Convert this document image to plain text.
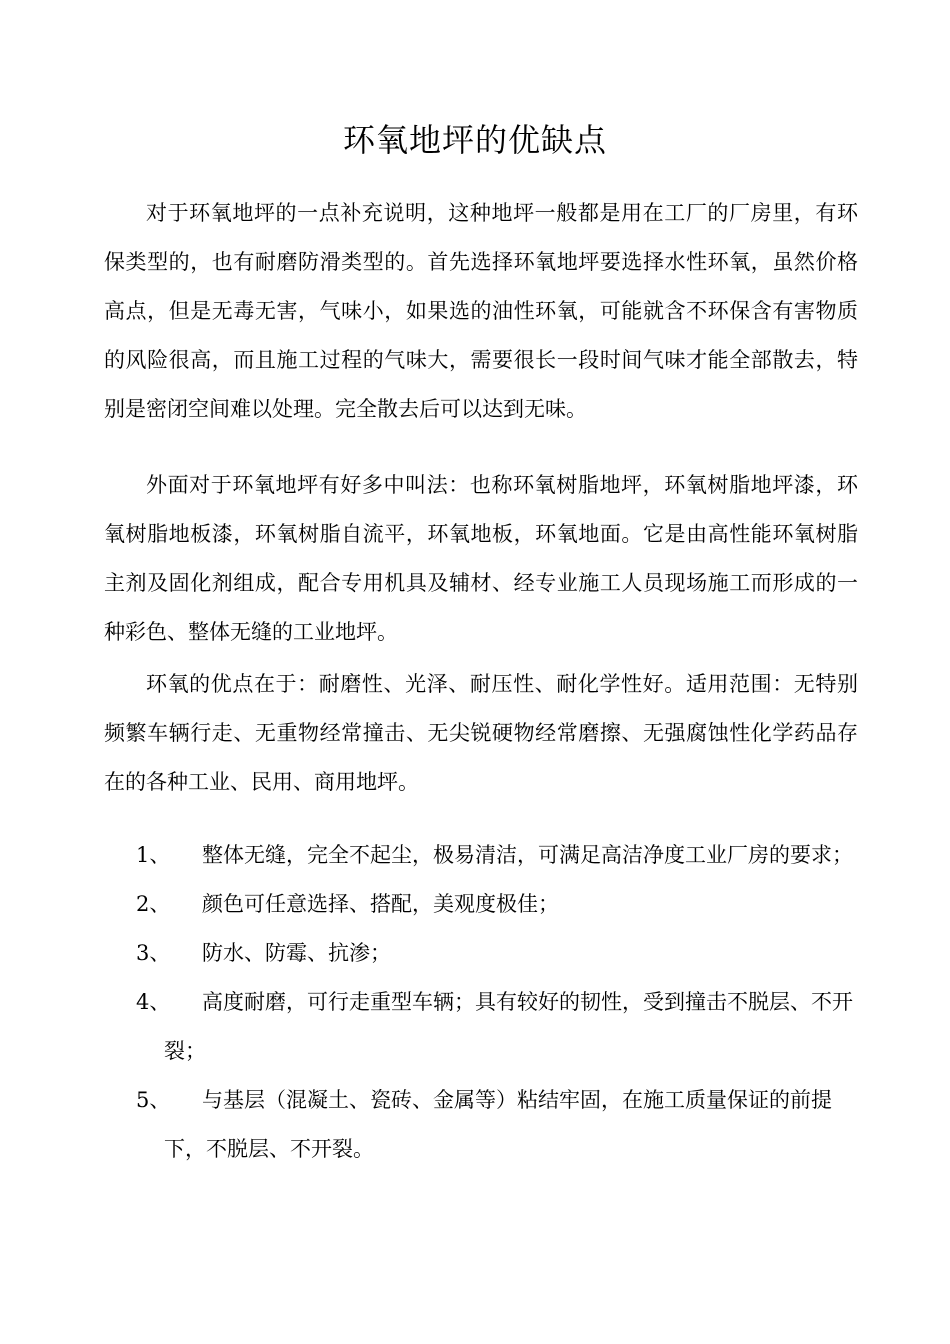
环氧地坪的优缺点

对于环氧地坪的一点补充说明，这种地坪一般都是用在工厂的厂房里，有环保类型的，也有耐磨防滑类型的。首先选择环氧地坪要选择水性环氧，虽然价格高点，但是无毒无害，气味小，如果选的油性环氧，可能就含不环保含有害物质的风险很高，而且施工过程的气味大，需要很长一段时间气味才能全部散去，特别是密闭空间难以处理。完全散去后可以达到无味。

外面对于环氧地坪有好多中叫法：也称环氧树脂地坪，环氧树脂地坪漆，环氧树脂地板漆，环氧树脂自流平，环氧地板，环氧地面。它是由高性能环氧树脂主剂及固化剂组成，配合专用机具及辅材、经专业施工人员现场施工而形成的一种彩色、整体无缝的工业地坪。

环氧的优点在于：耐磨性、光泽、耐压性、耐化学性好。适用范围：无特别频繁车辆行走、无重物经常撞击、无尖锐硬物经常磨擦、无强腐蚀性化学药品存在的各种工业、民用、商用地坪。

1、	整体无缝，完全不起尘，极易清洁，可满足高洁净度工业厂房的要求；
2、	颜色可任意选择、搭配，美观度极佳；
3、	防水、防霉、抗渗；
4、	高度耐磨，可行走重型车辆；具有较好的韧性，受到撞击不脱层、不开裂；
5、	与基层（混凝土、瓷砖、金属等）粘结牢固，在施工质量保证的前提下，不脱层、不开裂。
